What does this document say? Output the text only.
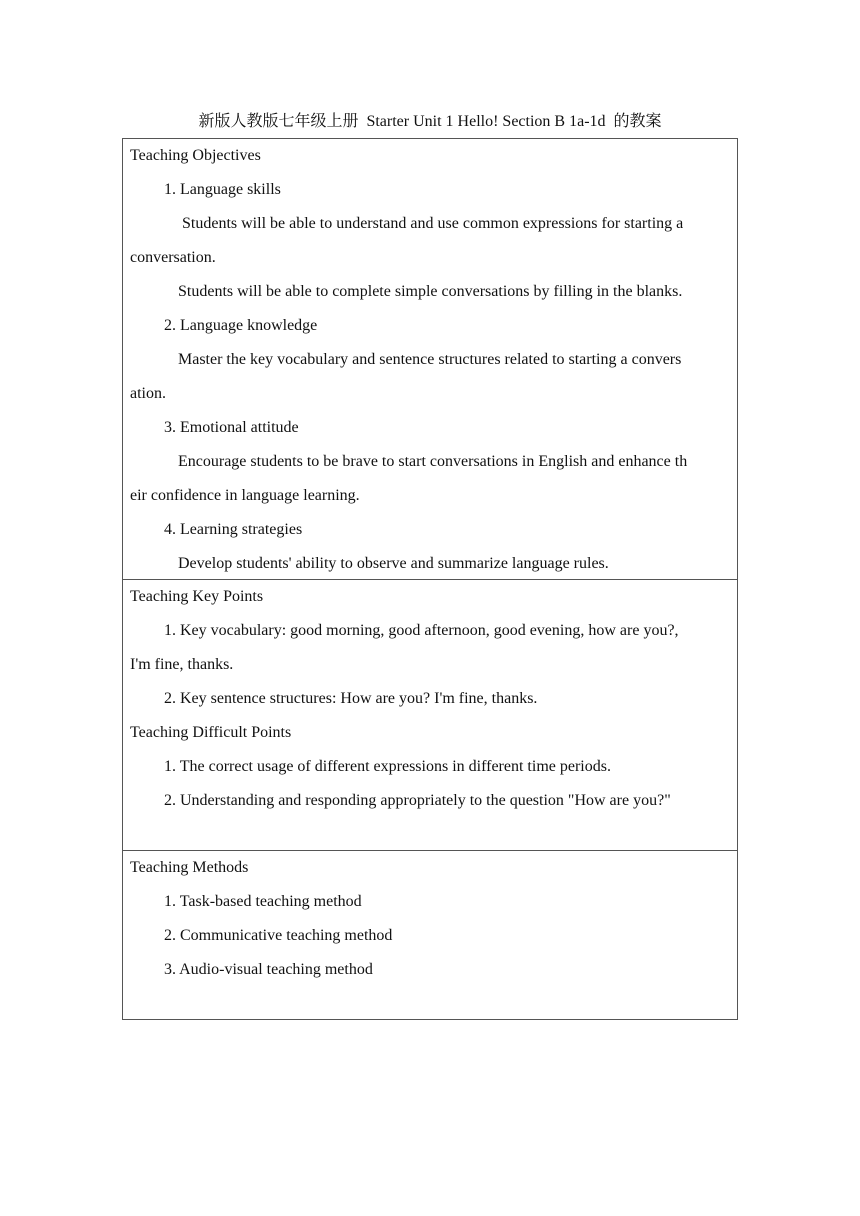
新版人教版七年级上册  Starter Unit 1 Hello! Section B 1a-1d  的教案
Teaching Objectives
1. Language skills
Students will be able to understand and use common expressions for starting a
conversation.
Students will be able to complete simple conversations by filling in the blanks.
2. Language knowledge
Master the key vocabulary and sentence structures related to starting a convers
ation.
3. Emotional attitude
Encourage students to be brave to start conversations in English and enhance th
eir confidence in language learning.
4. Learning strategies
Develop students' ability to observe and summarize language rules.
Teaching Key Points
1. Key vocabulary: good morning, good afternoon, good evening, how are you?,
I'm fine, thanks.
2. Key sentence structures: How are you? I'm fine, thanks.
Teaching Difficult Points
1. The correct usage of different expressions in different time periods.
2. Understanding and responding appropriately to the question "How are you?"
Teaching Methods
1. Task-based teaching method
2. Communicative teaching method
3. Audio-visual teaching method
